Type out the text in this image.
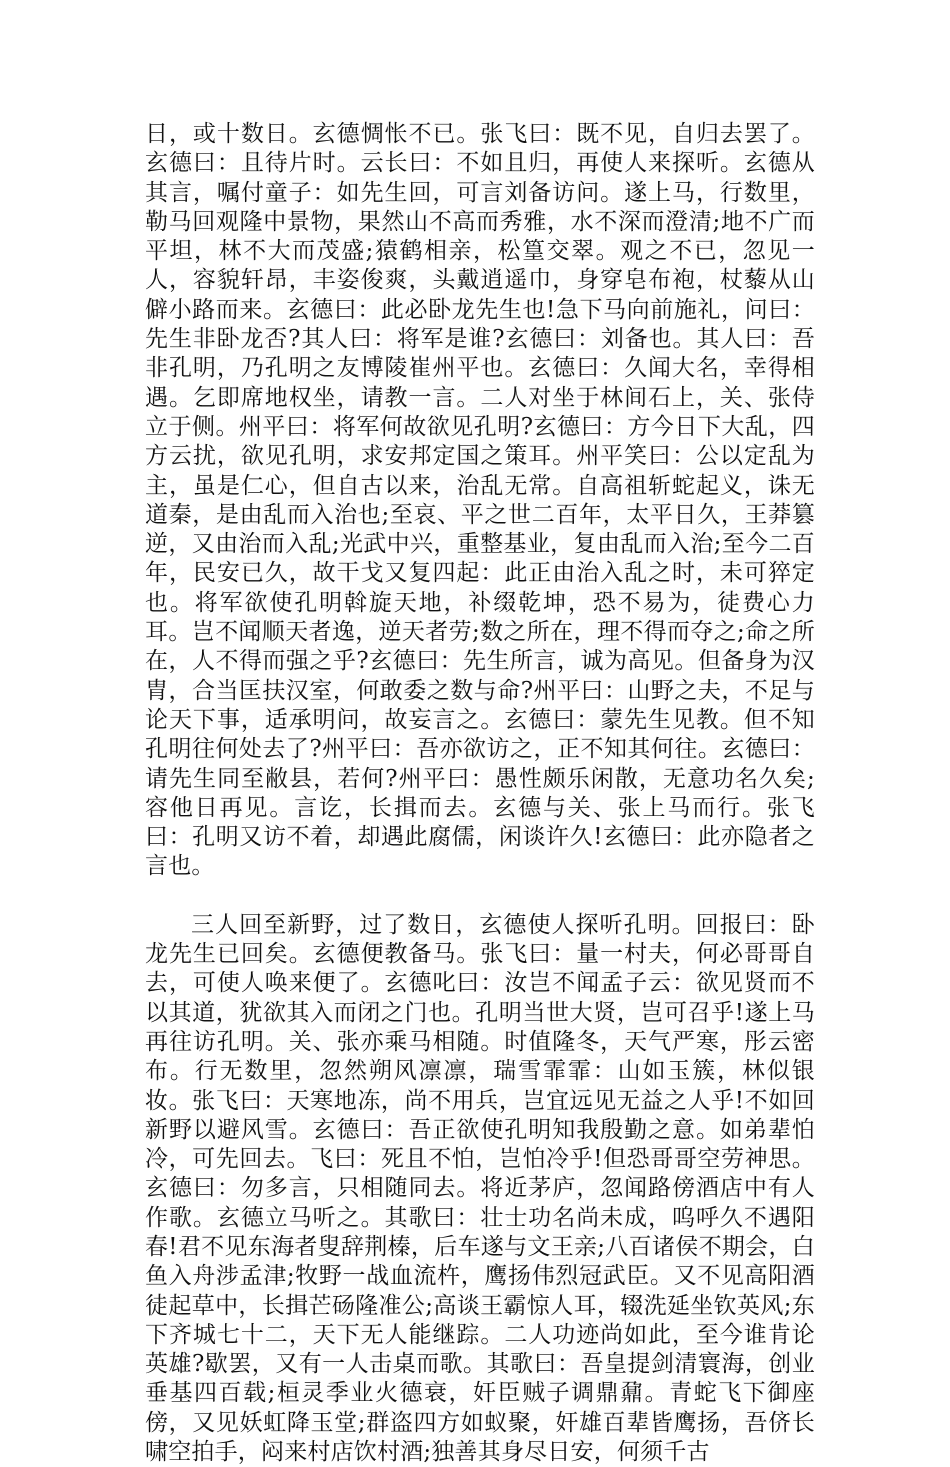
日，或十数日。玄德惆怅不已。张飞曰：既不见，自归去罢了。玄德曰：且待片时。云长曰：不如且归，再使人来探听。玄德从其言，嘱付童子：如先生回，可言刘备访问。遂上马，行数里，勒马回观隆中景物，果然山不高而秀雅，水不深而澄清;地不广而平坦，林不大而茂盛;猿鹤相亲，松篁交翠。观之不已，忽见一人，容貌轩昂，丰姿俊爽，头戴逍遥巾，身穿皂布袍，杖藜从山僻小路而来。玄德曰：此必卧龙先生也!急下马向前施礼，问曰：先生非卧龙否?其人曰：将军是谁?玄德曰：刘备也。其人曰：吾非孔明，乃孔明之友博陵崔州平也。玄德曰：久闻大名，幸得相遇。乞即席地权坐，请教一言。二人对坐于林间石上，关、张侍立于侧。州平曰：将军何故欲见孔明?玄德曰：方今日下大乱，四方云扰，欲见孔明，求安邦定国之策耳。州平笑曰：公以定乱为主，虽是仁心，但自古以来，治乱无常。自高祖斩蛇起义，诛无道秦，是由乱而入治也;至哀、平之世二百年，太平日久，王莽篡逆，又由治而入乱;光武中兴，重整基业，复由乱而入治;至今二百年，民安已久，故干戈又复四起：此正由治入乱之时，未可猝定也。将军欲使孔明斡旋天地，补缀乾坤，恐不易为，徒费心力耳。岂不闻顺天者逸，逆天者劳;数之所在，理不得而夺之;命之所在，人不得而强之乎?玄德曰：先生所言，诚为高见。但备身为汉胄，合当匡扶汉室，何敢委之数与命?州平曰：山野之夫，不足与论天下事，适承明问，故妄言之。玄德曰：蒙先生见教。但不知孔明往何处去了?州平曰：吾亦欲访之，正不知其何往。玄德曰：请先生同至敝县，若何?州平曰：愚性颇乐闲散，无意功名久矣;容他日再见。言讫，长揖而去。玄德与关、张上马而行。张飞曰：孔明又访不着，却遇此腐儒，闲谈许久!玄德曰：此亦隐者之言也。

三人回至新野，过了数日，玄德使人探听孔明。回报曰：卧龙先生已回矣。玄德便教备马。张飞曰：量一村夫，何必哥哥自去，可使人唤来便了。玄德叱曰：汝岂不闻孟子云：欲见贤而不以其道，犹欲其入而闭之门也。孔明当世大贤，岂可召乎!遂上马再往访孔明。关、张亦乘马相随。时值隆冬，天气严寒，彤云密布。行无数里，忽然朔风凛凛，瑞雪霏霏：山如玉簇，林似银妆。张飞曰：天寒地冻，尚不用兵，岂宜远见无益之人乎!不如回新野以避风雪。玄德曰：吾正欲使孔明知我殷勤之意。如弟辈怕冷，可先回去。飞曰：死且不怕，岂怕冷乎!但恐哥哥空劳神思。玄德曰：勿多言，只相随同去。将近茅庐，忽闻路傍酒店中有人作歌。玄德立马听之。其歌曰：壮士功名尚未成，呜呼久不遇阳春!君不见东海者叟辞荆榛，后车遂与文王亲;八百诸侯不期会，白鱼入舟涉孟津;牧野一战血流杵，鹰扬伟烈冠武臣。又不见高阳酒徒起草中，长揖芒砀隆准公;高谈王霸惊人耳，辍洗延坐钦英风;东下齐城七十二，天下无人能继踪。二人功迹尚如此，至今谁肯论英雄?歇罢，又有一人击桌而歌。其歌曰：吾皇提剑清寰海，创业垂基四百载;桓灵季业火德衰，奸臣贼子调鼎鼐。青蛇飞下御座傍，又见妖虹降玉堂;群盗四方如蚁聚，奸雄百辈皆鹰扬，吾侪长啸空拍手，闷来村店饮村酒;独善其身尽日安，何须千古
